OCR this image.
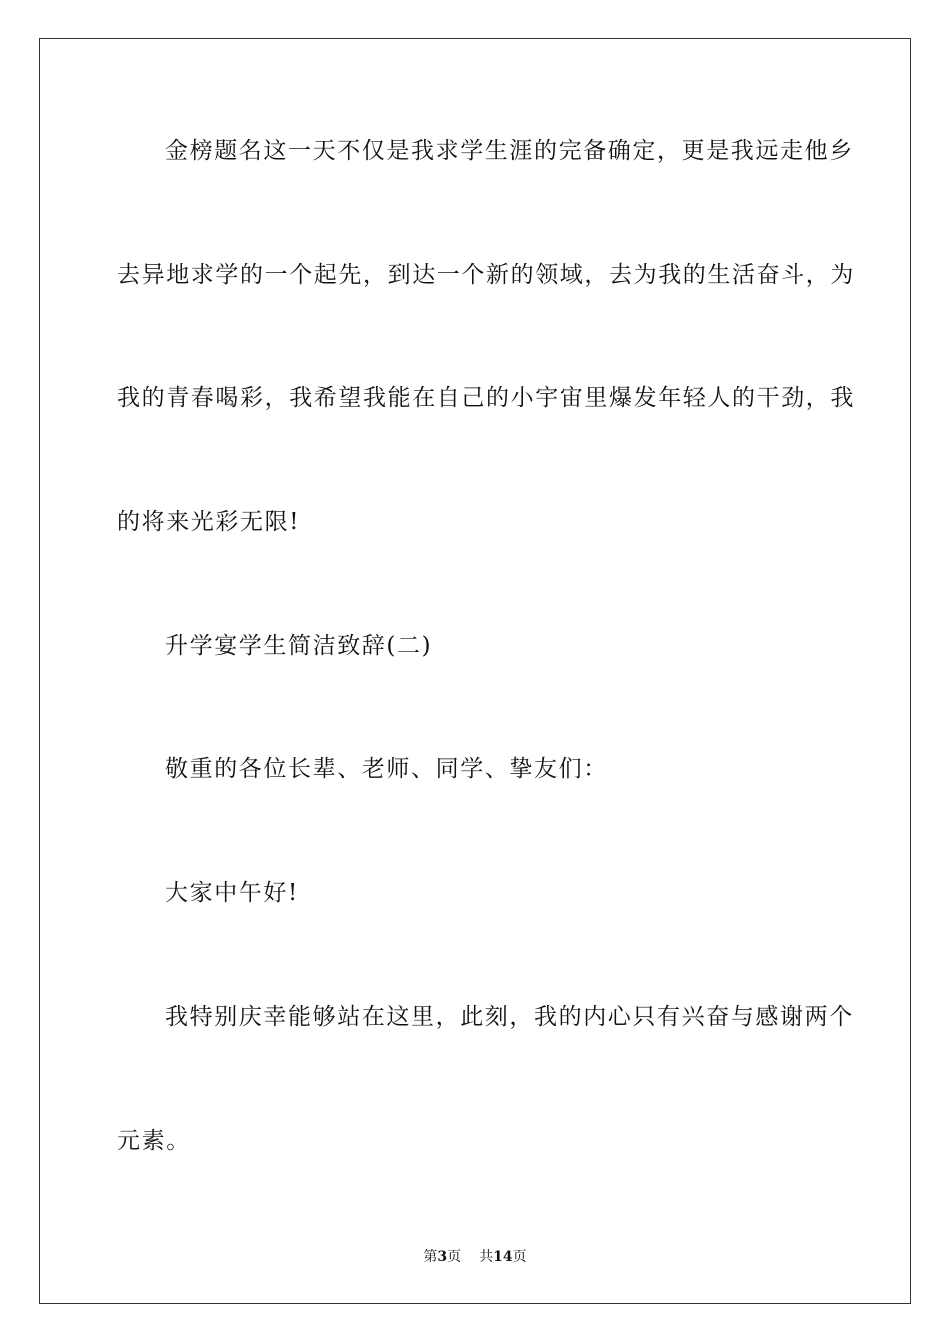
金榜题名这一天不仅是我求学生涯的完备确定，更是我远走他乡
去异地求学的一个起先，到达一个新的领域，去为我的生活奋斗，为
我的青春喝彩，我希望我能在自己的小宇宙里爆发年轻人的干劲，我
的将来光彩无限!
升学宴学生简洁致辞(二)
敬重的各位长辈、老师、同学、挚友们：
大家中午好!
我特别庆幸能够站在这里，此刻，我的内心只有兴奋与感谢两个
元素。
第3页 共14页
